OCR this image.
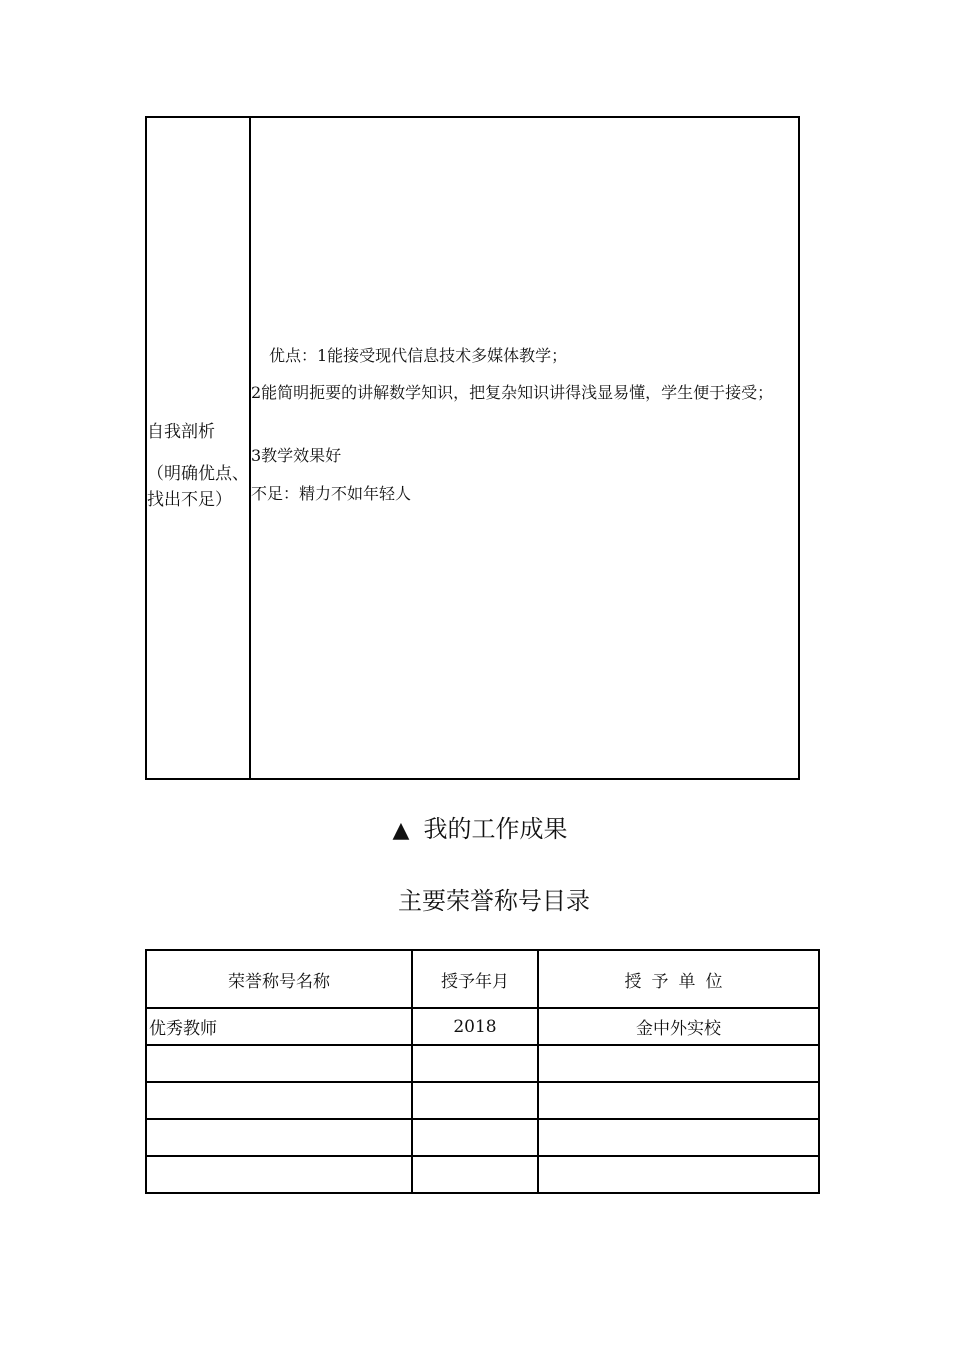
自我剖析
（明确优点、找出不足）
优点：1能接受现代信息技术多媒体教学；
2能简明扼要的讲解数学知识，把复杂知识讲得浅显易懂，学生便于接受；
3教学效果好
不足：精力不如年轻人
▲ 我的工作成果
主要荣誉称号目录
荣誉称号名称	授予年月	授予单位
优秀教师	2018	金中外实校
